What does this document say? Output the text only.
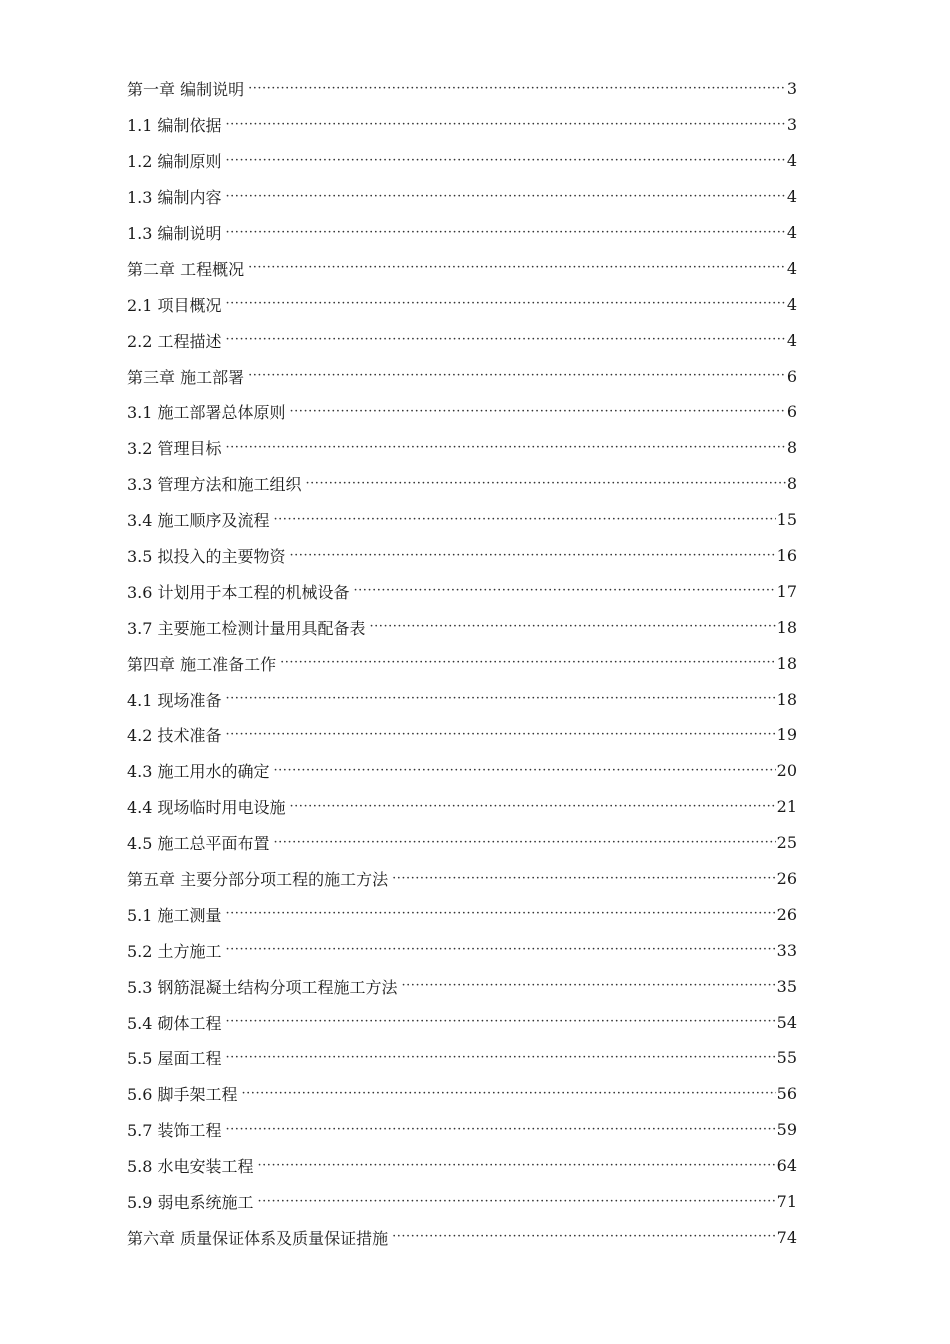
第一章 编制说明 ·····	3
1.1 编制依据 ·····	3
1.2 编制原则 ·····	4
1.3 编制内容 ·····	4
1.3 编制说明 ·····	4
第二章 工程概况 ·····	4
2.1 项目概况 ·····	4
2.2 工程描述 ·····	4
第三章 施工部署 ·····	6
3.1 施工部署总体原则 ·····	6
3.2 管理目标 ·····	8
3.3 管理方法和施工组织 ·····	8
3.4 施工顺序及流程 ·····	15
3.5 拟投入的主要物资 ·····	16
3.6 计划用于本工程的机械设备 ·····	17
3.7 主要施工检测计量用具配备表 ·····	18
第四章 施工准备工作 ·····	18
4.1 现场准备 ·····	18
4.2 技术准备 ·····	19
4.3 施工用水的确定 ·····	20
4.4 现场临时用电设施 ·····	21
4.5 施工总平面布置 ·····	25
第五章 主要分部分项工程的施工方法 ·····	26
5.1 施工测量 ·····	26
5.2 土方施工 ·····	33
5.3 钢筋混凝土结构分项工程施工方法 ·····	35
5.4 砌体工程 ·····	54
5.5 屋面工程 ·····	55
5.6 脚手架工程 ·····	56
5.7 装饰工程 ·····	59
5.8 水电安装工程 ·····	64
5.9 弱电系统施工 ·····	71
第六章 质量保证体系及质量保证措施 ·····	74
